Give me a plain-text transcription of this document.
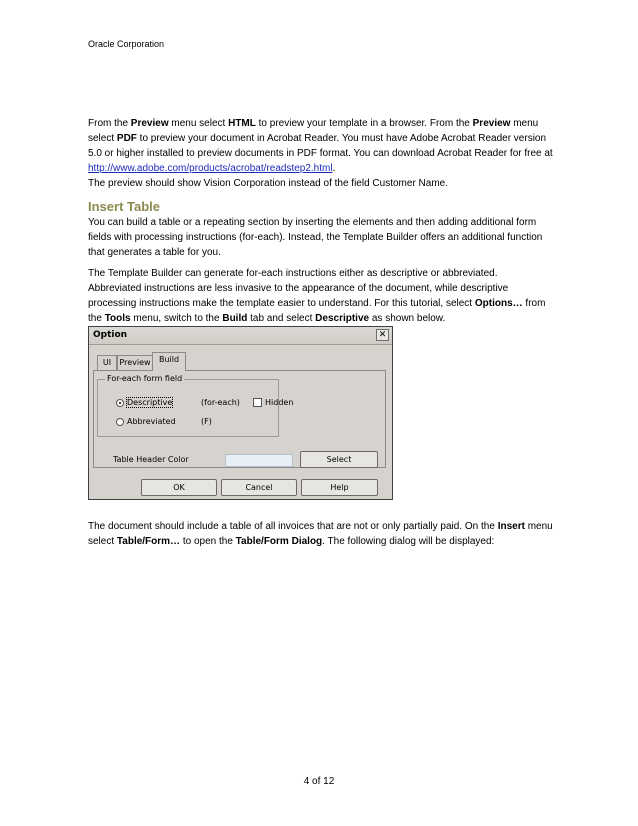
Oracle Corporation

From the Preview menu select HTML to preview your template in a browser. From the Preview menu select PDF to preview your document in Acrobat Reader. You must have Adobe Acrobat Reader version 5.0 or higher installed to preview documents in PDF format. You can download Acrobat Reader for free at http://www.adobe.com/products/acrobat/readstep2.html.

The preview should show Vision Corporation instead of the field Customer Name.

Insert Table

You can build a table or a repeating section by inserting the elements and then adding additional form fields with processing instructions (for-each). Instead, the Template Builder offers an additional function that generates a table for you.

The Template Builder can generate for-each instructions either as descriptive or abbreviated. Abbreviated instructions are less invasive to the appearance of the document, while descriptive processing instructions make the template easier to understand. For this tutorial, select Options… from the Tools menu, switch to the Build tab and select Descriptive as shown below.

Option	✕
UI	Preview	Build
For-each form field
Descriptive	(for-each)
Abbreviated	(F)
Hidden
Table Header Color	Select
OK	Cancel	Help

The document should include a table of all invoices that are not or only partially paid. On the Insert menu select Table/Form… to open the Table/Form Dialog. The following dialog will be displayed:

4 of 12
